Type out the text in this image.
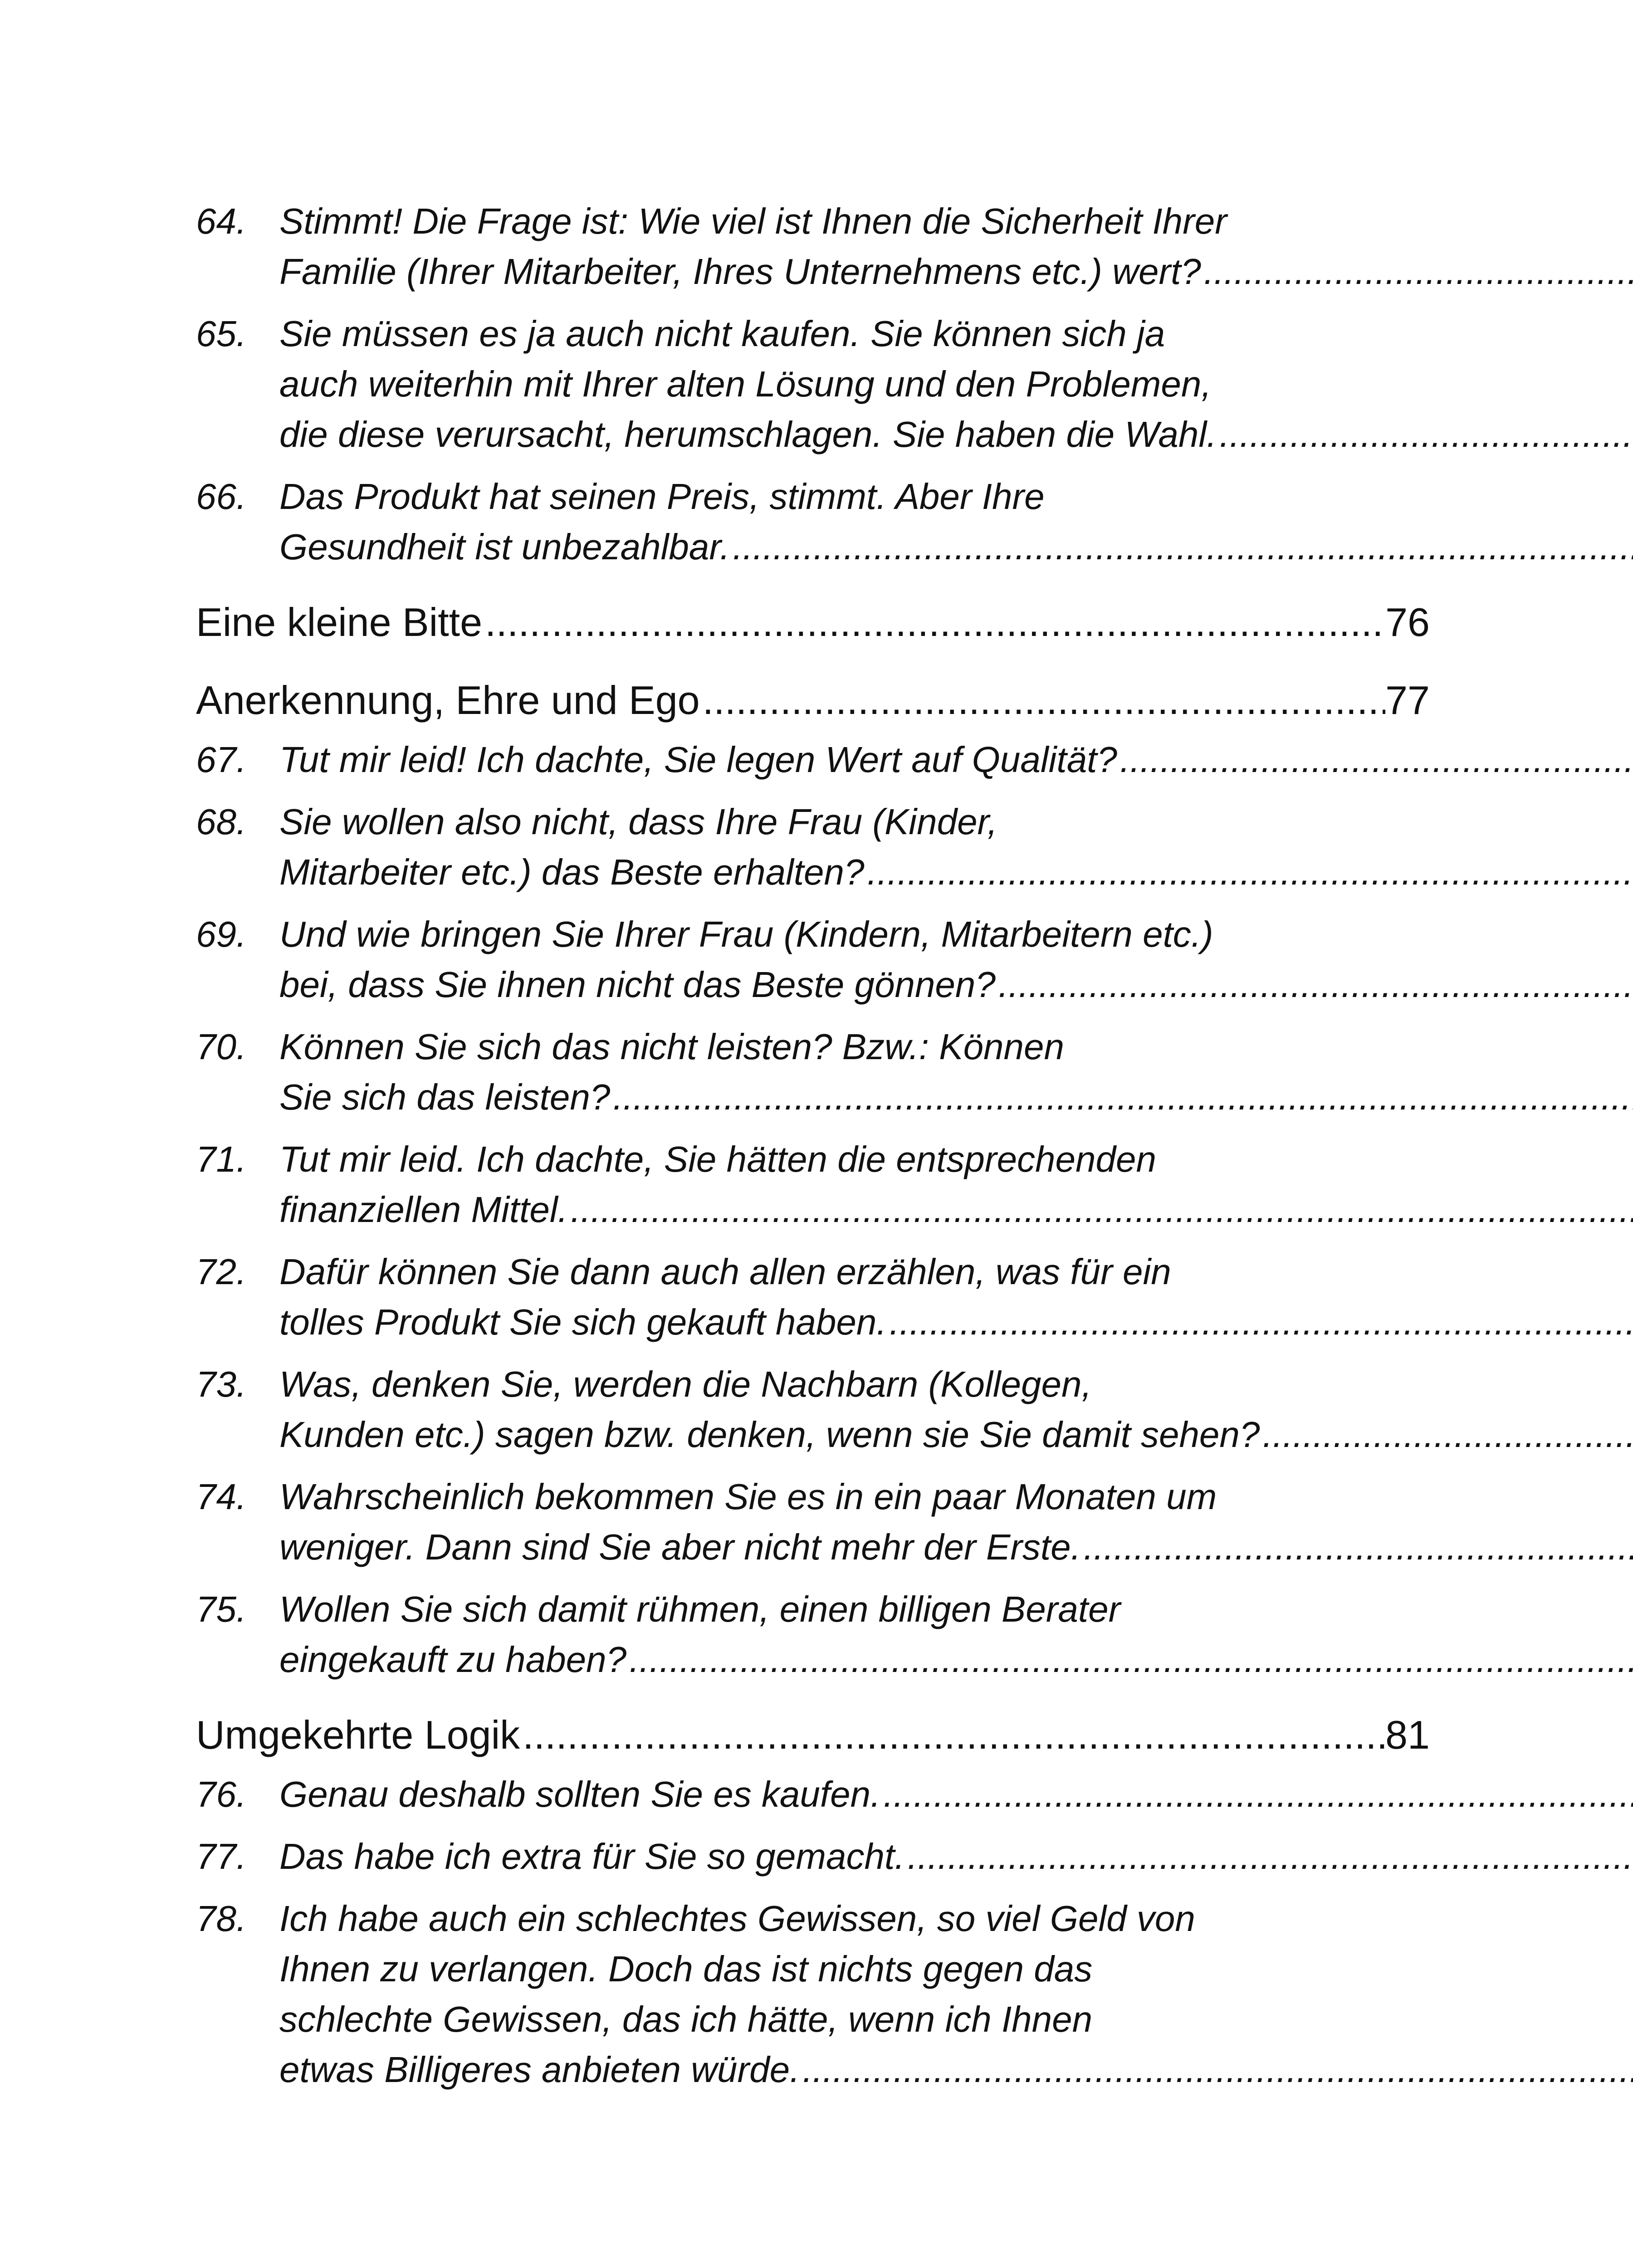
64. Stimmt! Die Frage ist: Wie viel ist Ihnen die Sicherheit Ihrer
Familie (Ihrer Mitarbeiter, Ihres Unternehmens etc.) wert?
.....
65. Sie müssen es ja auch nicht kaufen. Sie können sich ja
auch weiterhin mit Ihrer alten Lösung und den Problemen,
die diese verursacht, herumschlagen. Sie haben die Wahl.
.....
66. Das Produkt hat seinen Preis, stimmt. Aber Ihre
Gesundheit ist unbezahlbar.
.....
Eine kleine Bitte .....	76
Anerkennung, Ehre und Ego .....	77
67. Tut mir leid! Ich dachte, Sie legen Wert auf Qualität?
.....
68. Sie wollen also nicht, dass Ihre Frau (Kinder,
Mitarbeiter etc.) das Beste erhalten?
.....
69. Und wie bringen Sie Ihrer Frau (Kindern, Mitarbeitern etc.)
bei, dass Sie ihnen nicht das Beste gönnen?
.....
70. Können Sie sich das nicht leisten? Bzw.: Können
Sie sich das leisten?
.....
71. Tut mir leid. Ich dachte, Sie hätten die entsprechenden
finanziellen Mittel.
.....
72. Dafür können Sie dann auch allen erzählen, was für ein
tolles Produkt Sie sich gekauft haben.
.....
73. Was, denken Sie, werden die Nachbarn (Kollegen,
Kunden etc.) sagen bzw. denken, wenn sie Sie damit sehen?
.....
74. Wahrscheinlich bekommen Sie es in ein paar Monaten um
weniger. Dann sind Sie aber nicht mehr der Erste.
.....
75. Wollen Sie sich damit rühmen, einen billigen Berater
eingekauft zu haben?
.....
Umgekehrte Logik .....	81
76. Genau deshalb sollten Sie es kaufen.
.....
77. Das habe ich extra für Sie so gemacht.
.....
78. Ich habe auch ein schlechtes Gewissen, so viel Geld von
Ihnen zu verlangen. Doch das ist nichts gegen das
schlechte Gewissen, das ich hätte, wenn ich Ihnen
etwas Billigeres anbieten würde.
.....
